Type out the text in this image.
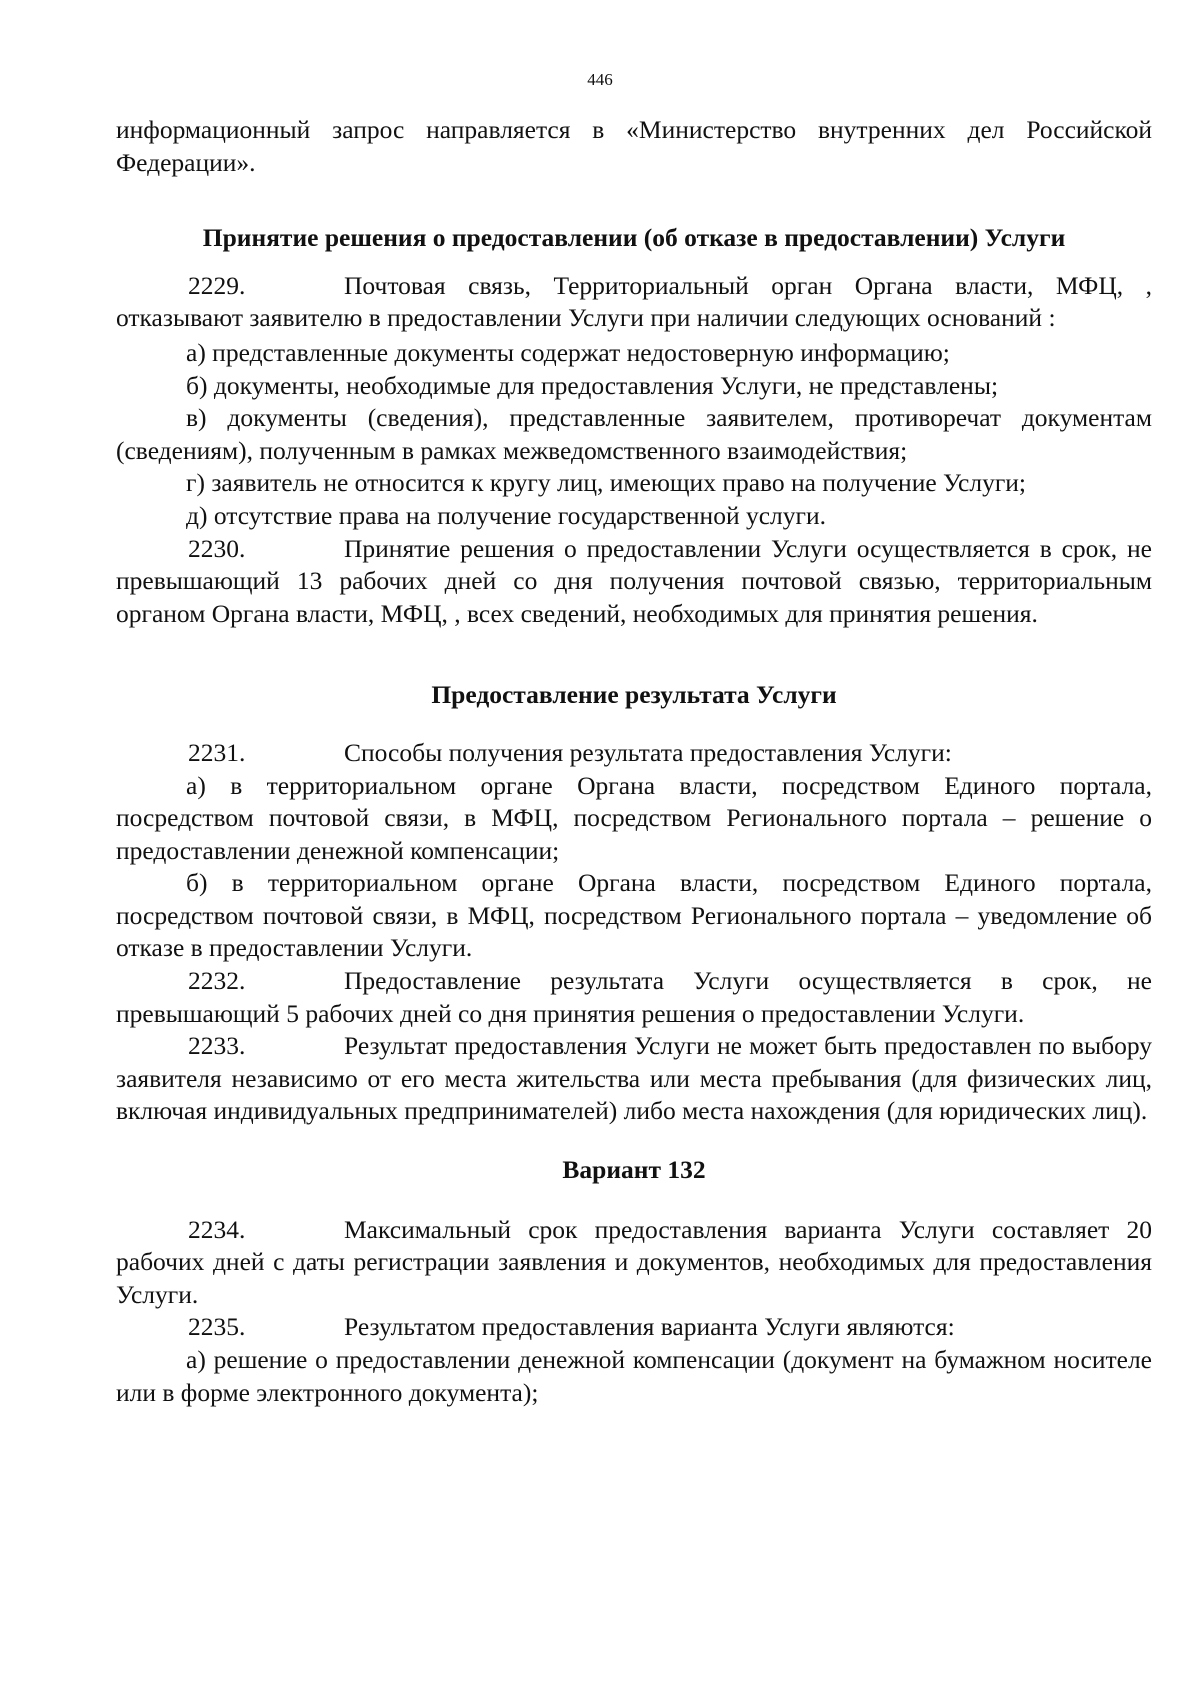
446

информационный запрос направляется в «Министерство внутренних дел Российской Федерации».

Принятие решения о предоставлении (об отказе в предоставлении) Услуги

2229.	Почтовая связь, Территориальный орган Органа власти, МФЦ, , отказывают заявителю в предоставлении Услуги при наличии следующих оснований :

а) представленные документы содержат недостоверную информацию;

б) документы, необходимые для предоставления Услуги, не представлены;

в) документы (сведения), представленные заявителем, противоречат документам (сведениям), полученным в рамках межведомственного взаимодействия;

г) заявитель не относится к кругу лиц, имеющих право на получение Услуги;

д) отсутствие права на получение государственной услуги.

2230.	Принятие решения о предоставлении Услуги осуществляется в срок, не превышающий 13 рабочих дней со дня получения почтовой связью, территориальным органом Органа власти, МФЦ, , всех сведений, необходимых для принятия решения.

Предоставление результата Услуги

2231.	Способы получения результата предоставления Услуги:

а) в территориальном органе Органа власти, посредством Единого портала, посредством почтовой связи, в МФЦ, посредством Регионального портала – решение о предоставлении денежной компенсации;

б) в территориальном органе Органа власти, посредством Единого портала, посредством почтовой связи, в МФЦ, посредством Регионального портала – уведомление об отказе в предоставлении Услуги.

2232.	Предоставление результата Услуги осуществляется в срок, не превышающий 5 рабочих дней со дня принятия решения о предоставлении Услуги.

2233.	Результат предоставления Услуги не может быть предоставлен по выбору заявителя независимо от его места жительства или места пребывания (для физических лиц, включая индивидуальных предпринимателей) либо места нахождения (для юридических лиц).

Вариант 132

2234.	Максимальный срок предоставления варианта Услуги составляет 20 рабочих дней с даты регистрации заявления и документов, необходимых для предоставления Услуги.

2235.	Результатом предоставления варианта Услуги являются:

а) решение о предоставлении денежной компенсации (документ на бумажном носителе или в форме электронного документа);
